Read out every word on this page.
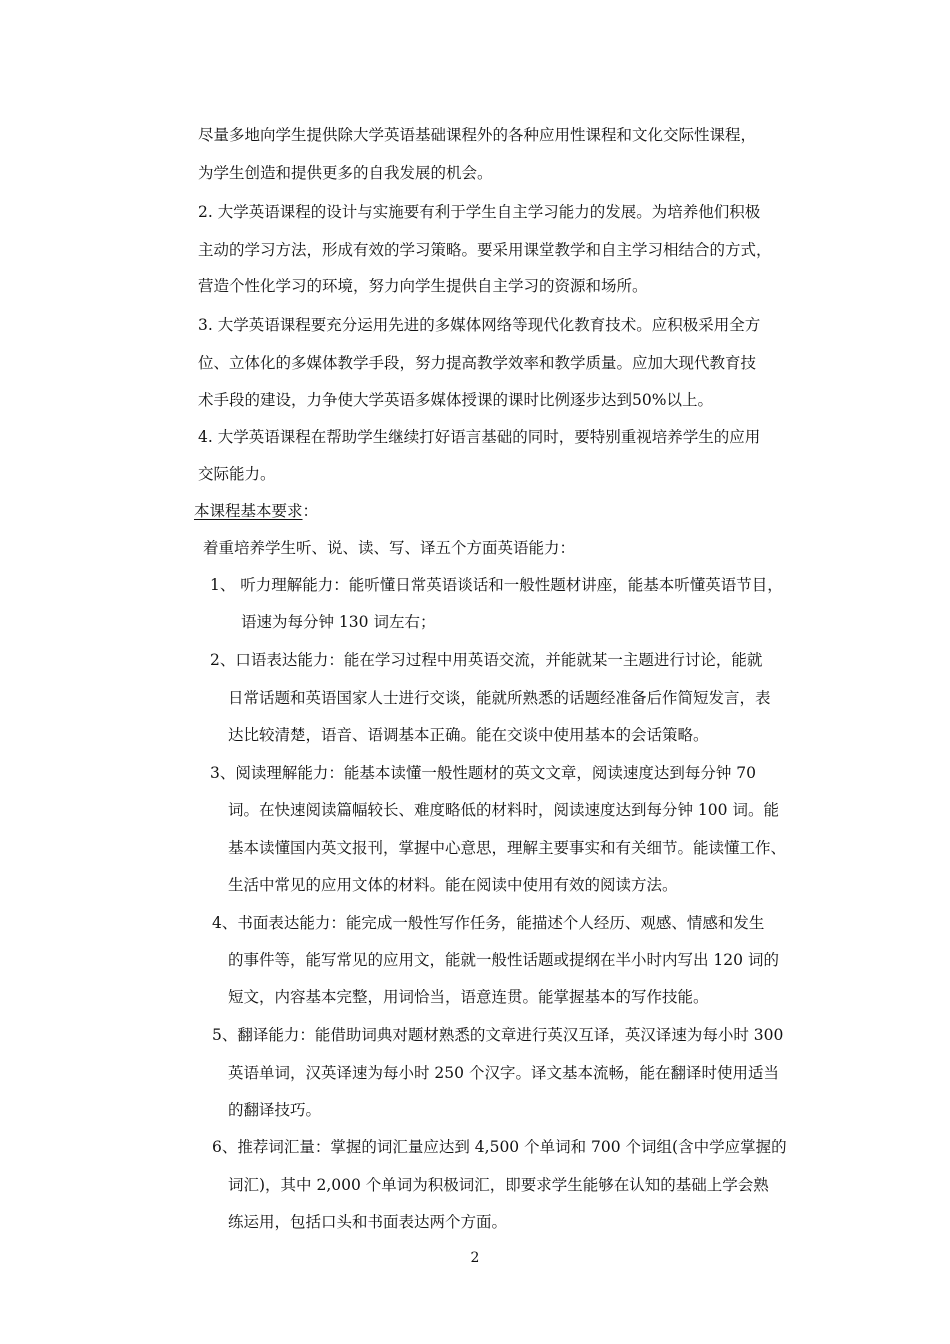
尽量多地向学生提供除大学英语基础课程外的各种应用性课程和文化交际性课程，
为学生创造和提供更多的自我发展的机会。
2. 大学英语课程的设计与实施要有利于学生自主学习能力的发展。为培养他们积极
主动的学习方法，形成有效的学习策略。要采用课堂教学和自主学习相结合的方式，
营造个性化学习的环境，努力向学生提供自主学习的资源和场所。
3. 大学英语课程要充分运用先进的多媒体网络等现代化教育技术。应积极采用全方
位、立体化的多媒体教学手段，努力提高教学效率和教学质量。应加大现代教育技
术手段的建设，力争使大学英语多媒体授课的课时比例逐步达到50%以上。
4. 大学英语课程在帮助学生继续打好语言基础的同时，要特别重视培养学生的应用
交际能力。
本课程基本要求：
着重培养学生听、说、读、写、译五个方面英语能力：
1、 听力理解能力：能听懂日常英语谈话和一般性题材讲座，能基本听懂英语节目，
语速为每分钟 130 词左右；
2、口语表达能力：能在学习过程中用英语交流，并能就某一主题进行讨论，能就
日常话题和英语国家人士进行交谈，能就所熟悉的话题经准备后作简短发言，表
达比较清楚，语音、语调基本正确。能在交谈中使用基本的会话策略。
3、阅读理解能力：能基本读懂一般性题材的英文文章，阅读速度达到每分钟 70
词。在快速阅读篇幅较长、难度略低的材料时，阅读速度达到每分钟 100 词。能
基本读懂国内英文报刊，掌握中心意思，理解主要事实和有关细节。能读懂工作、
生活中常见的应用文体的材料。能在阅读中使用有效的阅读方法。
4、书面表达能力：能完成一般性写作任务，能描述个人经历、观感、情感和发生
的事件等，能写常见的应用文，能就一般性话题或提纲在半小时内写出 120 词的
短文，内容基本完整，用词恰当，语意连贯。能掌握基本的写作技能。
5、翻译能力：能借助词典对题材熟悉的文章进行英汉互译，英汉译速为每小时 300
英语单词，汉英译速为每小时 250 个汉字。译文基本流畅，能在翻译时使用适当
的翻译技巧。
6、推荐词汇量：掌握的词汇量应达到 4,500 个单词和 700 个词组(含中学应掌握的
词汇)，其中 2,000 个单词为积极词汇，即要求学生能够在认知的基础上学会熟
练运用，包括口头和书面表达两个方面。
2
